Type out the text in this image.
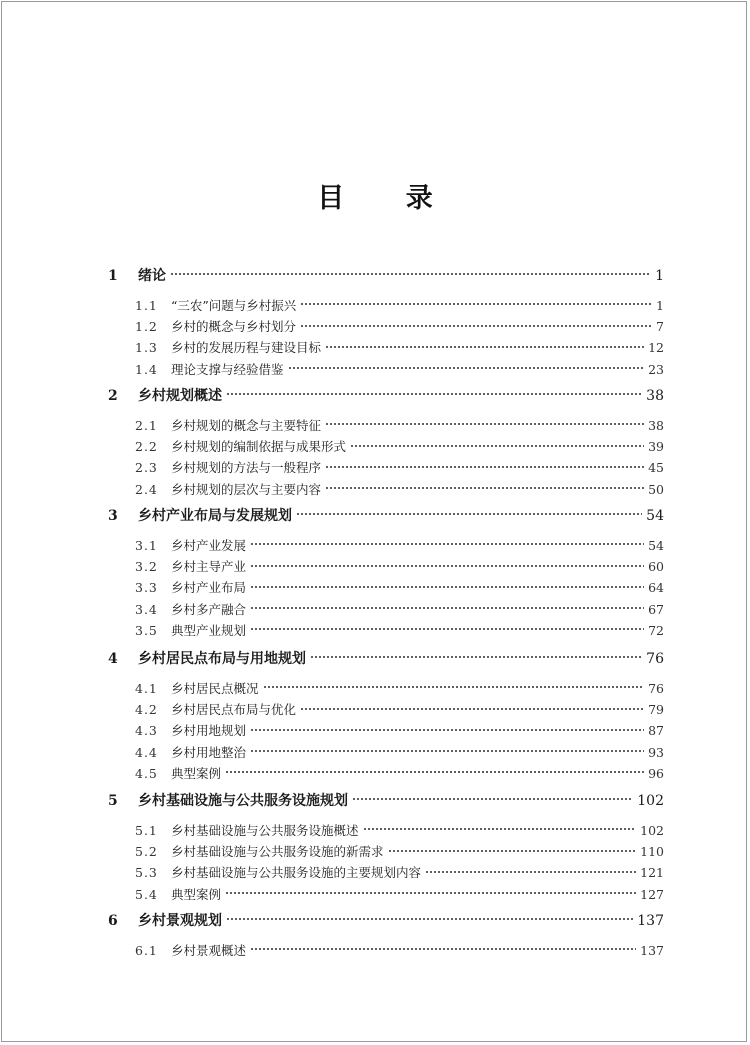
目 录
1	绪论	1
1.1	“三农”问题与乡村振兴	1
1.2	乡村的概念与乡村划分	7
1.3	乡村的发展历程与建设目标	12
1.4	理论支撑与经验借鉴	23
2	乡村规划概述	38
2.1	乡村规划的概念与主要特征	38
2.2	乡村规划的编制依据与成果形式	39
2.3	乡村规划的方法与一般程序	45
2.4	乡村规划的层次与主要内容	50
3	乡村产业布局与发展规划	54
3.1	乡村产业发展	54
3.2	乡村主导产业	60
3.3	乡村产业布局	64
3.4	乡村多产融合	67
3.5	典型产业规划	72
4	乡村居民点布局与用地规划	76
4.1	乡村居民点概况	76
4.2	乡村居民点布局与优化	79
4.3	乡村用地规划	87
4.4	乡村用地整治	93
4.5	典型案例	96
5	乡村基础设施与公共服务设施规划	102
5.1	乡村基础设施与公共服务设施概述	102
5.2	乡村基础设施与公共服务设施的新需求	110
5.3	乡村基础设施与公共服务设施的主要规划内容	121
5.4	典型案例	127
6	乡村景观规划	137
6.1	乡村景观概述	137
